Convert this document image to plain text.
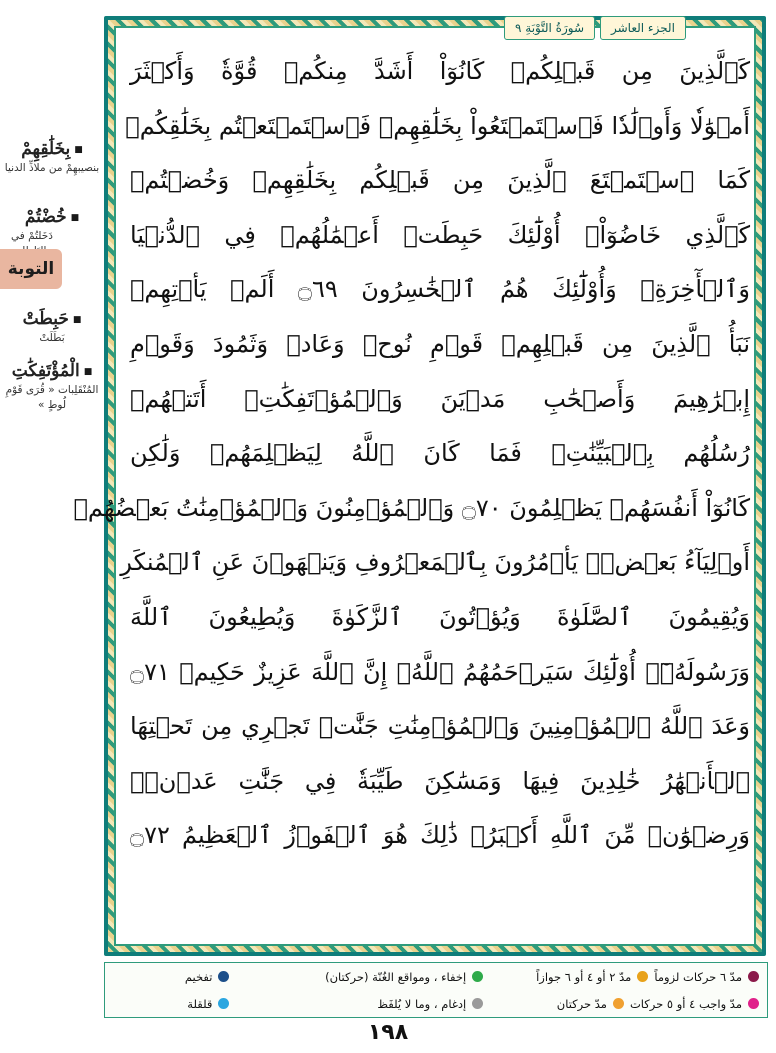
■ بِخَلَٰقِهِمْ
بنصيبهِمْ من ملاذِّ الدنيا
■ خُضْتُمْ
دَخَلتُمْ في
■ حَبِطَتْ
بَطَلَتْ
■ الْمُؤْتَفِكَٰتِ
المُنْقَلِبات « قُرَى قَوْمِ لُوطٍ »
التوبة
سُورَةُ التَّوْبَةِ ٩	الجزء العاشر
كَٱلَّذِينَ مِن قَبۡلِكُمۡ كَانُوٓاْ أَشَدَّ مِنكُمۡ قُوَّةٗ وَأَكۡثَرَ
أَمۡوَٰلٗا وَأَوۡلَٰدٗا فَٱسۡتَمۡتَعُواْ بِخَلَٰقِهِمۡ فَٱسۡتَمۡتَعۡتُم بِخَلَٰقِكُمۡ
كَمَا ٱسۡتَمۡتَعَ ٱلَّذِينَ مِن قَبۡلِكُم بِخَلَٰقِهِمۡ وَخُضۡتُمۡ
كَٱلَّذِي خَاضُوٓاْۚ أُوْلَٰٓئِكَ حَبِطَتۡ أَعۡمَٰلُهُمۡ فِي ٱلدُّنۡيَا
وَٱلۡأٓخِرَةِۖ وَأُوْلَٰٓئِكَ هُمُ ٱلۡخَٰسِرُونَ ۝٦٩ أَلَمۡ يَأۡتِهِمۡ
نَبَأُ ٱلَّذِينَ مِن قَبۡلِهِمۡ قَوۡمِ نُوحٖ وَعَادٖ وَثَمُودَ وَقَوۡمِ
إِبۡرَٰهِيمَ وَأَصۡحَٰبِ مَدۡيَنَ وَٱلۡمُؤۡتَفِكَٰتِۚ أَتَتۡهُمۡ
رُسُلُهُم بِٱلۡبَيِّنَٰتِۖ فَمَا كَانَ ٱللَّهُ لِيَظۡلِمَهُمۡ وَلَٰكِن
كَانُوٓاْ أَنفُسَهُمۡ يَظۡلِمُونَ ۝٧٠ وَٱلۡمُؤۡمِنُونَ وَٱلۡمُؤۡمِنَٰتُ بَعۡضُهُمۡ
أَوۡلِيَآءُ بَعۡضٖۚ يَأۡمُرُونَ بِٱلۡمَعۡرُوفِ وَيَنۡهَوۡنَ عَنِ ٱلۡمُنكَرِ
وَيُقِيمُونَ ٱلصَّلَوٰةَ وَيُؤۡتُونَ ٱلزَّكَوٰةَ وَيُطِيعُونَ ٱللَّهَ
وَرَسُولَهُۥٓۚ أُوْلَٰٓئِكَ سَيَرۡحَمُهُمُ ٱللَّهُۗ إِنَّ ٱللَّهَ عَزِيزٌ حَكِيمٞ ۝٧١
وَعَدَ ٱللَّهُ ٱلۡمُؤۡمِنِينَ وَٱلۡمُؤۡمِنَٰتِ جَنَّٰتٖ تَجۡرِي مِن تَحۡتِهَا
ٱلۡأَنۡهَٰرُ خَٰلِدِينَ فِيهَا وَمَسَٰكِنَ طَيِّبَةٗ فِي جَنَّٰتِ عَدۡنٖۚ
وَرِضۡوَٰنٞ مِّنَ ٱللَّهِ أَكۡبَرُۚ ذَٰلِكَ هُوَ ٱلۡفَوۡزُ ٱلۡعَظِيمُ ۝٧٢
مدّ ٦ حركات لزوماً
مدّ ٢ أو ٤ أو ٦ جوازاً
إخفاء ، ومواقع الغُنّة (حركتان)
تفخيم
مدّ واجب ٤ أو ٥ حركات
مدّ حركتان
إدغام ، وما لا يُلفَظ
قلقلة
١٩٨
